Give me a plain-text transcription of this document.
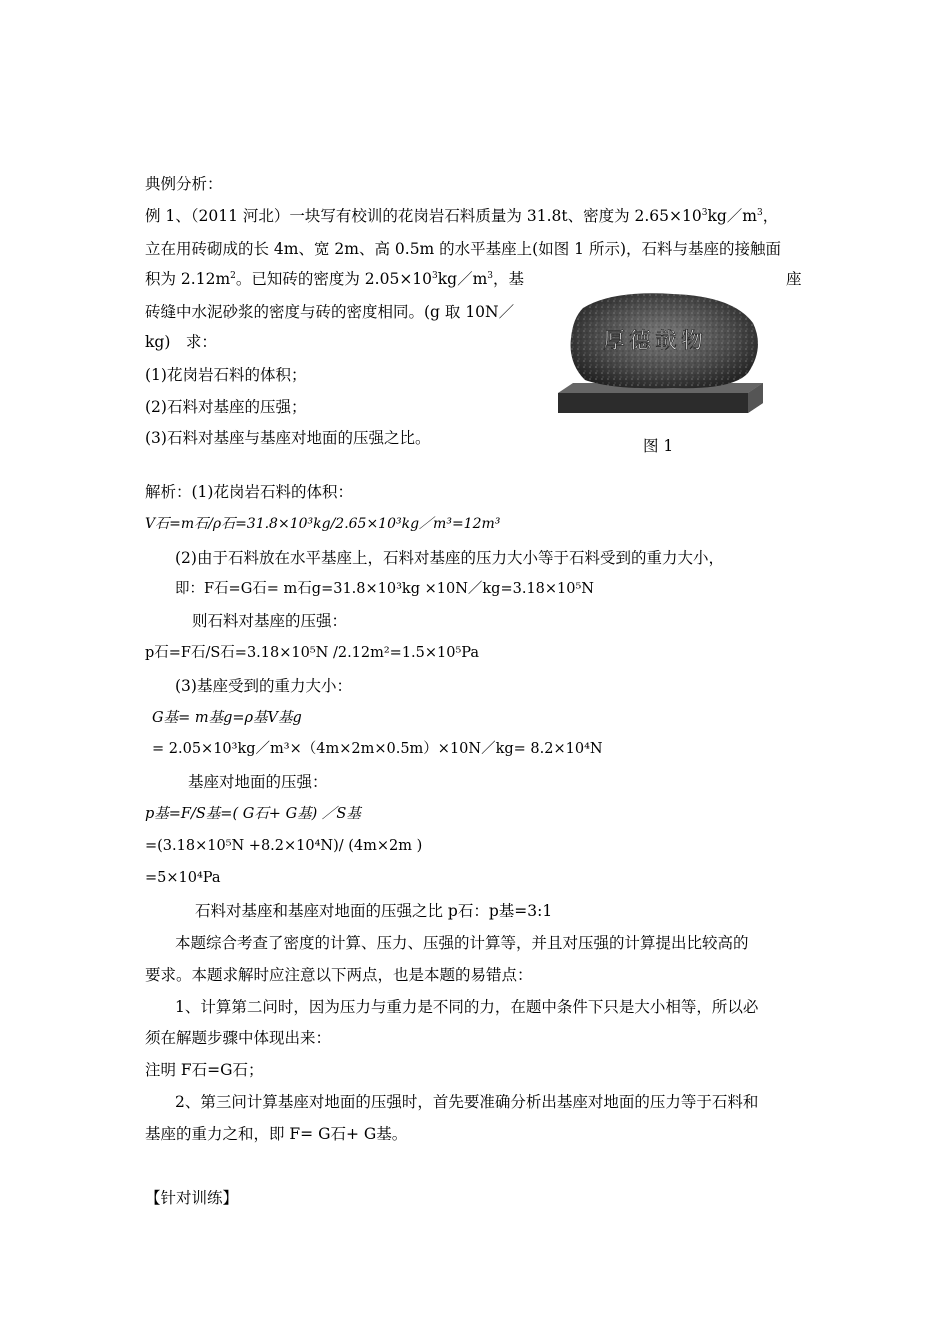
典例分析：
例 1、（2011 河北）一块写有校训的花岗岩石料质量为 31.8t、密度为 $2.65\times 10^3kg/m^3$，
立在用砖砌成的长 4m、宽 2m、高 0.5m 的水平基座上(如图 1 所示)，石料与基座的接触面
积为 $2.12m^2$。已知砖的密度为 $2.05\times 10^3kg/m^3$，基	座
砖缝中水泥砂浆的密度与砖的密度相同。(g 取 10N／
kg)　求：
(1)花岗岩石料的体积；
(2)石料对基座的压强；
(3)石料对基座与基座对地面的压强之比。
厚德載物
图 1
解析：(1)花岗岩石料的体积：
V石=m石/ρ石=31.8×10³kg/2.65×10³kg／m³=12m³
(2)由于石料放在水平基座上，石料对基座的压力大小等于石料受到的重力大小，
即：F石=G石= m石g=31.8×10³kg ×10N／kg=3.18×10⁵N
则石料对基座的压强：
p石=F石/S石=3.18×10⁵N /2.12m²=1.5×10⁵Pa
(3)基座受到的重力大小：
G基= m基g=ρ基V基g
= 2.05×10³kg／m³×（4m×2m×0.5m）×10N／kg= 8.2×10⁴N
基座对地面的压强：
p基=F/S基=( G石+ G基) ／S基
=(3.18×10⁵N +8.2×10⁴N)/ (4m×2m )
=5×10⁴Pa
石料对基座和基座对地面的压强之比 p石：p基=3:1
本题综合考查了密度的计算、压力、压强的计算等，并且对压强的计算提出比较高的
要求。本题求解时应注意以下两点，也是本题的易错点：
1、计算第二问时，因为压力与重力是不同的力，在题中条件下只是大小相等，所以必
须在解题步骤中体现出来：
注明 F石=G石；
2、第三问计算基座对地面的压强时，首先要准确分析出基座对地面的压力等于石料和
基座的重力之和，即 F= G石+ G基。
【针对训练】
